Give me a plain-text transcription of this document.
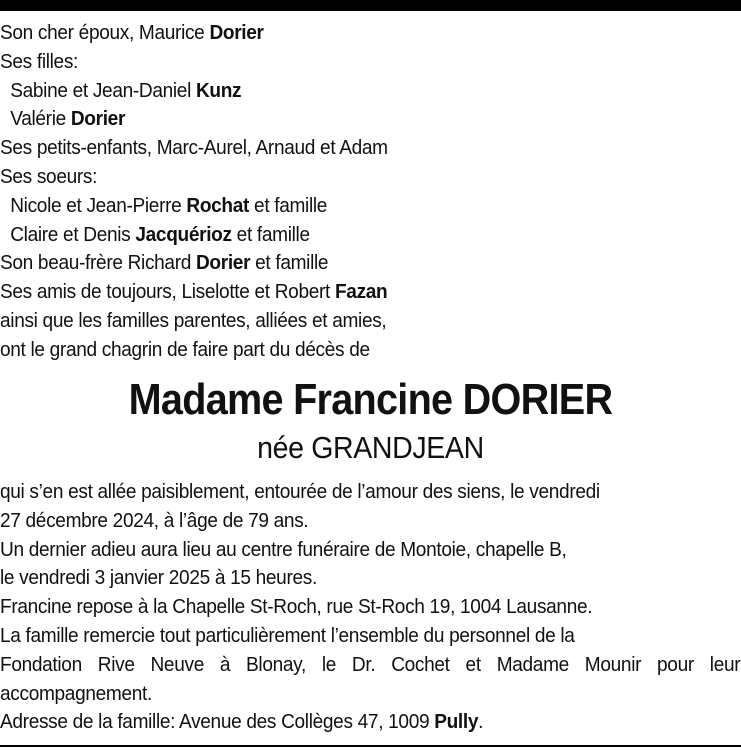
Son cher époux, Maurice Dorier
Ses filles:
Sabine et Jean-Daniel Kunz
Valérie Dorier
Ses petits-enfants, Marc-Aurel, Arnaud et Adam
Ses soeurs:
Nicole et Jean-Pierre Rochat et famille
Claire et Denis Jacquérioz et famille
Son beau-frère Richard Dorier et famille
Ses amis de toujours, Liselotte et Robert Fazan
ainsi que les familles parentes, alliées et amies,
ont le grand chagrin de faire part du décès de
Madame Francine DORIER
née GRANDJEAN
qui s’en est allée paisiblement, entourée de l’amour des siens, le vendredi
27 décembre 2024, à l’âge de 79 ans.
Un dernier adieu aura lieu au centre funéraire de Montoie, chapelle B,
le vendredi 3 janvier 2025 à 15 heures.
Francine repose à la Chapelle St-Roch, rue St-Roch 19, 1004 Lausanne.
La famille remercie tout particulièrement l’ensemble du personnel de la
Fondation Rive Neuve à Blonay, le Dr. Cochet et Madame Mounir pour leur
accompagnement.
Adresse de la famille: Avenue des Collèges 47, 1009 Pully.
